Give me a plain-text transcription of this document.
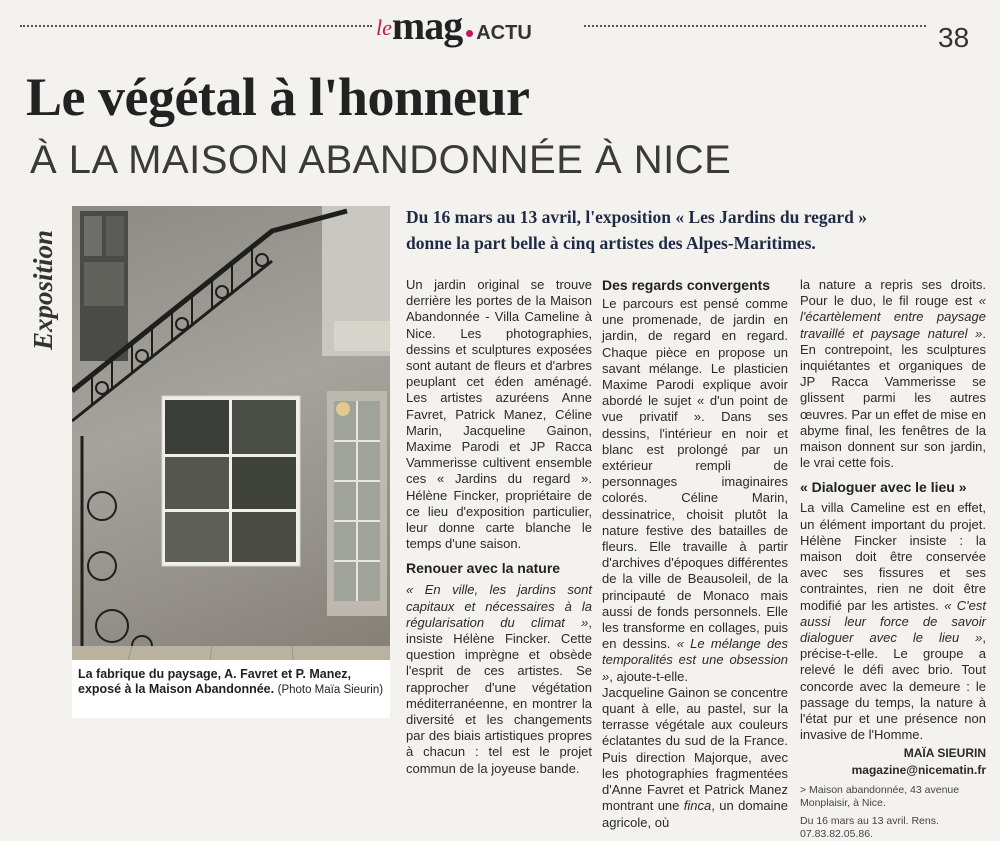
lemag ACTU	38
Le végétal à l'honneur
À LA MAISON ABANDONNÉE À NICE
Exposition
La fabrique du paysage, A. Favret et P. Manez, exposé à la Maison Abandonnée. (Photo Maïa Sieurin)
Du 16 mars au 13 avril, l'exposition « Les Jardins du regard »
donne la part belle à cinq artistes des Alpes-Maritimes.

Un jardin original se trouve derrière les portes de la Maison Abandonnée - Villa Cameline à Nice. Les photographies, dessins et sculptures exposées sont autant de fleurs et d'arbres peuplant cet éden aménagé. Les artistes azuréens Anne Favret, Patrick Manez, Céline Marin, Jacqueline Gainon, Maxime Parodi et JP Racca Vammerisse cultivent ensemble ces « Jardins du regard ». Hélène Fincker, propriétaire de ce lieu d'exposition particulier, leur donne carte blanche le temps d'une saison.

Renouer avec la nature

« En ville, les jardins sont capitaux et nécessaires à la régularisation du climat », insiste Hélène Fincker. Cette question imprègne et obsède l'esprit de ces artistes. Se rapprocher d'une végétation méditerranéenne, en montrer la diversité et les changements par des biais artistiques propres à chacun : tel est le projet commun de la joyeuse bande.

Des regards convergents

Le parcours est pensé comme une promenade, de jardin en jardin, de regard en regard. Chaque pièce en propose un savant mélange. Le plasticien Maxime Parodi explique avoir abordé le sujet « d'un point de vue privatif ». Dans ses dessins, l'intérieur en noir et blanc est prolongé par un extérieur rempli de personnages imaginaires colorés. Céline Marin, dessinatrice, choisit plutôt la nature festive des batailles de fleurs. Elle travaille à partir d'archives d'époques différentes de la ville de Beausoleil, de la principauté de Monaco mais aussi de fonds personnels. Elle les transforme en collages, puis en dessins. « Le mélange des temporalités est une obsession », ajoute-t-elle.

Jacqueline Gainon se concentre quant à elle, au pastel, sur la terrasse végétale aux couleurs éclatantes du sud de la France. Puis direction Majorque, avec les photographies fragmentées d'Anne Favret et Patrick Manez montrant une finca, un domaine agricole, où

la nature a repris ses droits. Pour le duo, le fil rouge est « l'écartèlement entre paysage travaillé et paysage naturel ». En contrepoint, les sculptures inquiétantes et organiques de JP Racca Vammerisse se glissent parmi les autres œuvres. Par un effet de mise en abyme final, les fenêtres de la maison donnent sur son jardin, le vrai cette fois.

« Dialoguer avec le lieu »

La villa Cameline est en effet, un élément important du projet. Hélène Fincker insiste : la maison doit être conservée avec ses fissures et ses contraintes, rien ne doit être modifié par les artistes. « C'est aussi leur force de savoir dialoguer avec le lieu », précise-t-elle. Le groupe a relevé le défi avec brio. Tout concorde avec la demeure : le passage du temps, la nature à l'état pur et une présence non invasive de l'Homme.

MAÏA SIEURIN

magazine@nicematin.fr

> Maison abandonnée, 43 avenue Monplaisir, à Nice.

Du 16 mars au 13 avril. Rens. 07.83.82.05.86.
